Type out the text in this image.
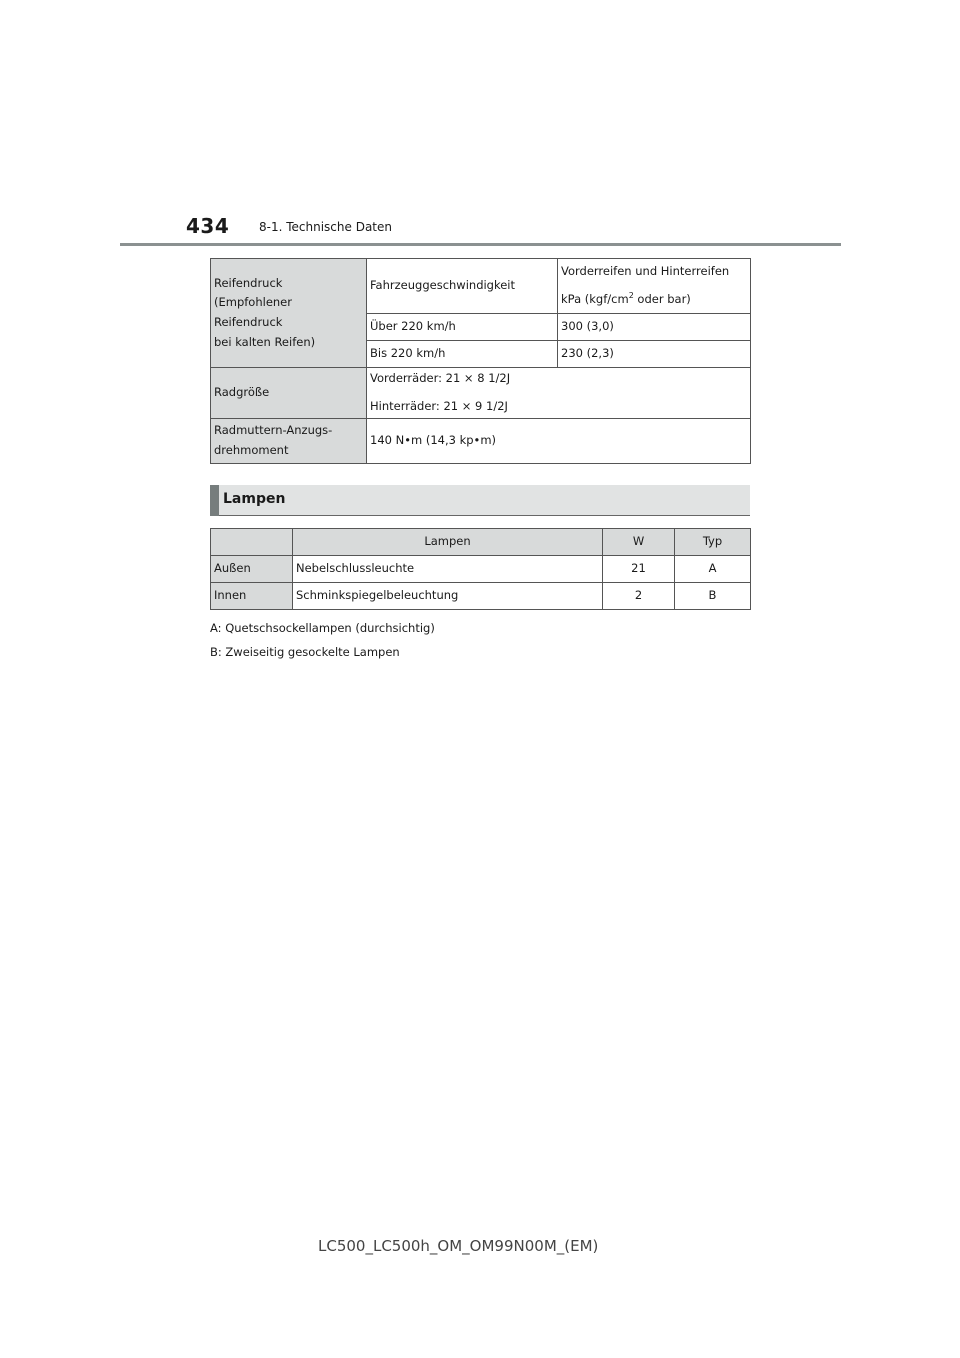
434 8-1. Technische Daten
Reifendruck
(Empfohlener Reifendruck
bei kalten Reifen)	Fahrzeuggeschwindigkeit	Vorderreifen und Hinterreifen
kPa ($kgf/cm^2$ oder bar)

	Über 220 km/h	300 (3,0)
	Bis 220 km/h	230 (2,3)
Radgröße	Vorderräder: 21 × 8 1/2J
Hinterräder: 21 × 9 1/2J	

Radmuttern-Anzugs-
drehmoment	140 N•m (14,3 kp•m)	
Lampen
	Lampen	W	Typ
Außen	Nebelschlussleuchte	21	A
Innen	Schminkspiegelbeleuchtung	2	B
A: Quetschsockellampen (durchsichtig)
B: Zweiseitig gesockelte Lampen
LC500_LC500h_OM_OM99N00M_(EM)
